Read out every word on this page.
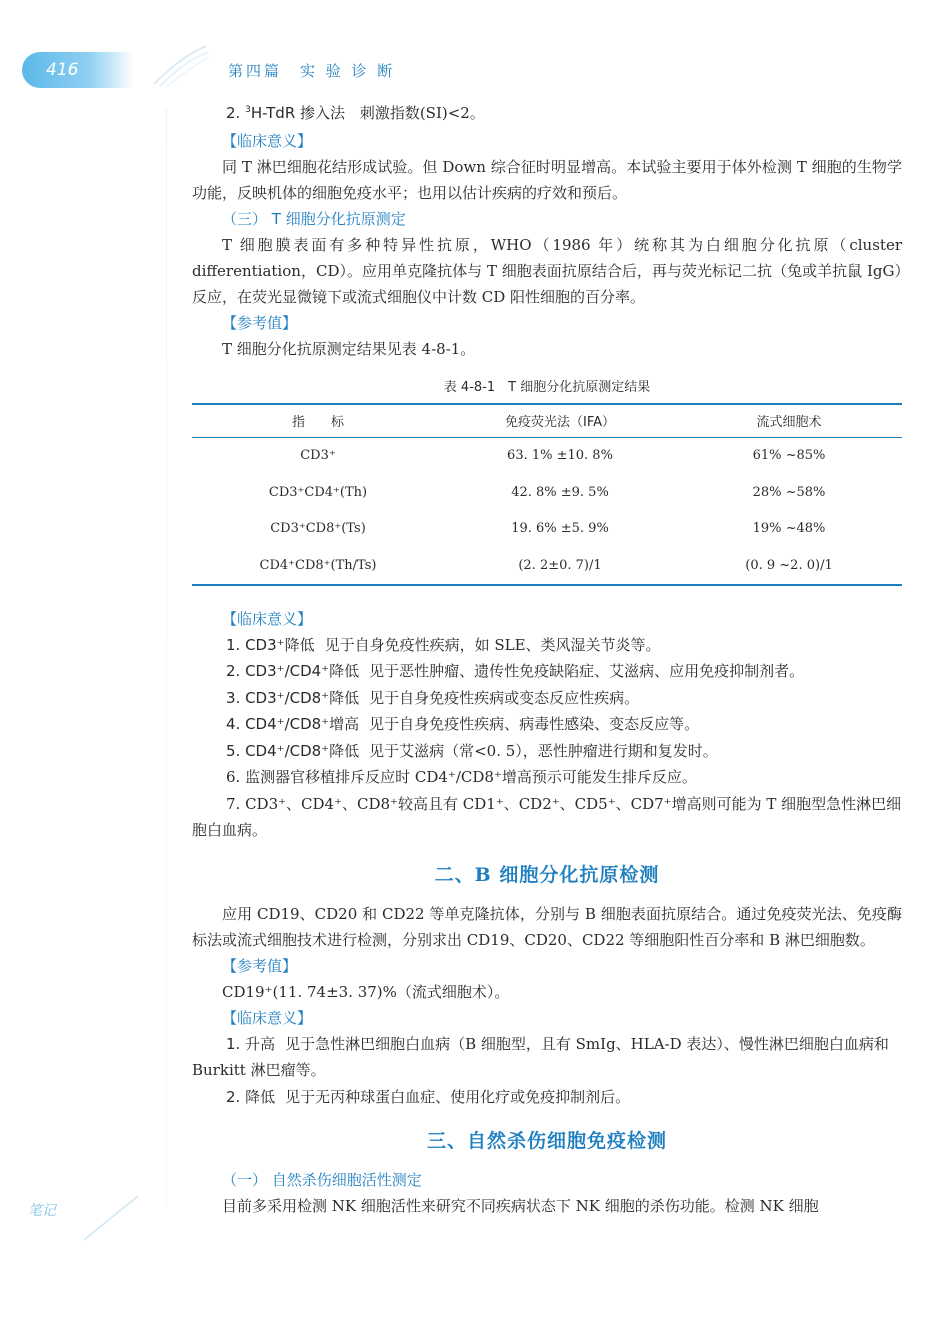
416	第四篇　实 验 诊 断
2. $^3$H-TdR 掺入法 刺激指数(SI)<2。
【临床意义】

同 T 淋巴细胞花结形成试验。但 Down 综合征时明显增高。本试验主要用于体外检测 T 细胞的生物学功能，反映机体的细胞免疫水平；也用以估计疾病的疗效和预后。

（三） T 细胞分化抗原测定

T 细胞膜表面有多种特异性抗原，WHO（1986 年）统称其为白细胞分化抗原（cluster differentiation，CD）。应用单克隆抗体与 T 细胞表面抗原结合后，再与荧光标记二抗（兔或羊抗鼠 IgG）反应，在荧光显微镜下或流式细胞仪中计数 CD 阳性细胞的百分率。

【参考值】

T 细胞分化抗原测定结果见表 4-8-1。

表 4-8-1　T 细胞分化抗原测定结果
指　　标	免疫荧光法（IFA）	流式细胞术
CD3⁺	63. 1% ±10. 8%	61% ~85%
CD3⁺CD4⁺(Th)	42. 8% ±9. 5%	28% ~58%
CD3⁺CD8⁺(Ts)	19. 6% ±5. 9%	19% ~48%
CD4⁺CD8⁺(Th/Ts)	(2. 2±0. 7)/1	(0. 9 ~2. 0)/1
【临床意义】
1. CD3⁺降低 见于自身免疫性疾病，如 SLE、类风湿关节炎等。
2. CD3⁺/CD4⁺降低 见于恶性肿瘤、遗传性免疫缺陷症、艾滋病、应用免疫抑制剂者。
3. CD3⁺/CD8⁺降低 见于自身免疫性疾病或变态反应性疾病。
4. CD4⁺/CD8⁺增高 见于自身免疫性疾病、病毒性感染、变态反应等。
5. CD4⁺/CD8⁺降低 见于艾滋病（常<0. 5），恶性肿瘤进行期和复发时。
6. 监测器官移植排斥反应时 CD4⁺/CD8⁺增高预示可能发生排斥反应。
7. CD3⁺、CD4⁺、CD8⁺较高且有 CD1⁺、CD2⁺、CD5⁺、CD7⁺增高则可能为 T 细胞型急性淋巴细胞白血病。
二、B 细胞分化抗原检测

应用 CD19、CD20 和 CD22 等单克隆抗体，分别与 B 细胞表面抗原结合。通过免疫荧光法、免疫酶标法或流式细胞技术进行检测，分别求出 CD19、CD20、CD22 等细胞阳性百分率和 B 淋巴细胞数。

【参考值】

CD19⁺(11. 74±3. 37)%（流式细胞术）。

【临床意义】
1. 升高 见于急性淋巴细胞白血病（B 细胞型，且有 SmIg、HLA-D 表达）、慢性淋巴细胞白血病和 Burkitt 淋巴瘤等。
2. 降低 见于无丙种球蛋白血症、使用化疗或免疫抑制剂后。
三、自然杀伤细胞免疫检测
（一） 自然杀伤细胞活性测定

目前多采用检测 NK 细胞活性来研究不同疾病状态下 NK 细胞的杀伤功能。检测 NK 细胞

笔记
